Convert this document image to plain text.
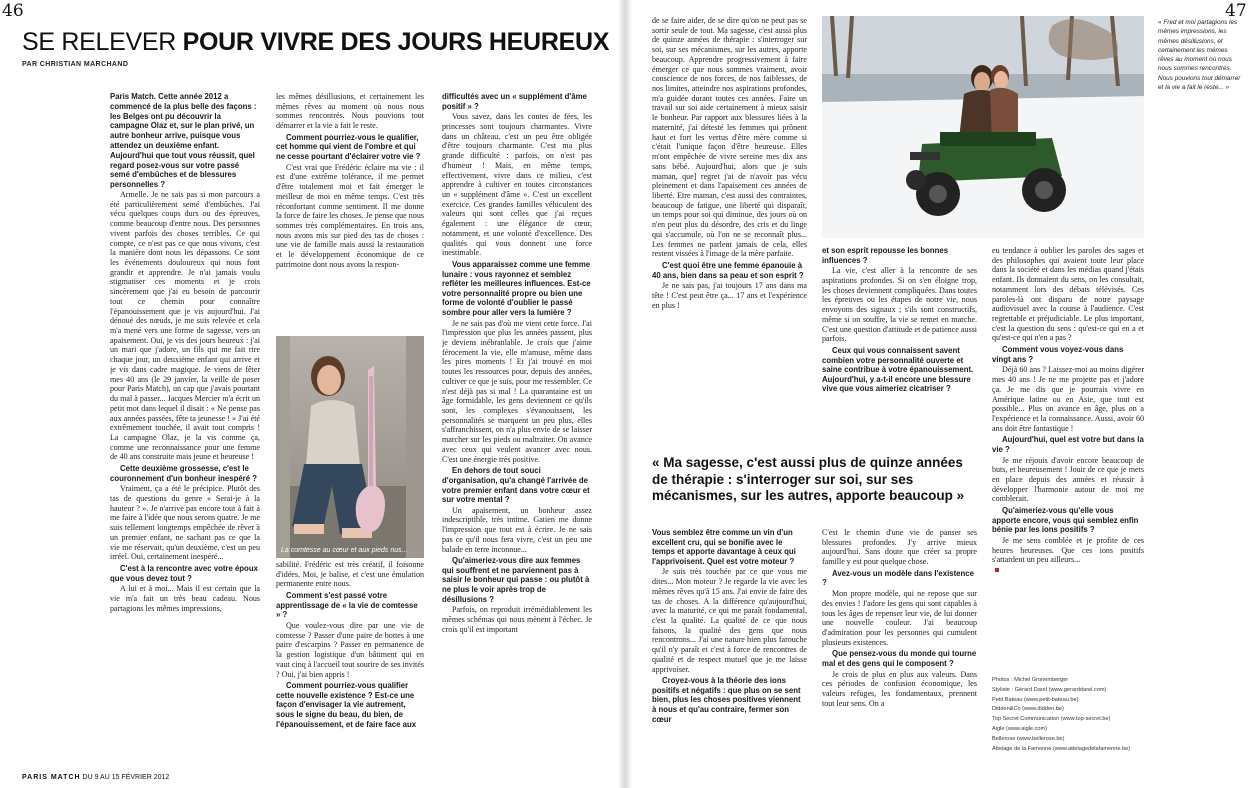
46	47
SE RELEVER POUR VIVRE DES JOURS HEUREUX
PAR CHRISTIAN MARCHAND

Paris Match. Cette année 2012 a commencé de la plus belle des façons : les Belges ont pu découvrir la campagne Olaz et, sur le plan privé, un autre bonheur arrive, puisque vous attendez un deuxième enfant. Aujourd'hui que tout vous réussit, quel regard posez-vous sur votre passé semé d'embûches et de blessures personnelles ?

Armelle. Je ne sais pas si mon parcours a été particulièrement semé d'embûches. J'ai vécu quelques coups durs ou des épreuves, comme beaucoup d'entre nous. Des personnes vivent parfois des choses terribles. Ce qui compte, ce n'est pas ce que nous vivons, c'est la manière dont nous les dépassons. Ce sont les événements douloureux qui nous font grandir et apprendre. Je n'ai jamais voulu stigmatiser ces moments et je crois sincèrement que j'ai eu besoin de parcourir tout ce chemin pour connaître l'épanouissement que je vis aujourd'hui. J'ai dénoué des nœuds, je me suis relevée et cela m'a mené vers une forme de sagesse, vers un apaisement. Oui, je vis des jours heureux : j'ai un mari que j'adore, un fils qui me fait rire chaque jour, un deuxième enfant qui arrive et je vis dans cadre magique. Je viens de fêter mes 40 ans (le 29 janvier, la veille de poser pour Paris Match), un cap que j'avais pourtant du mal à passer... Jacques Mercier m'a écrit un petit mot dans lequel il disait : « Ne pense pas aux années passées, fête ta jeunesse ! » J'ai été extrêmement touchée, il avait tout compris ! La campagne Olaz, je la vis comme ça, comme une reconnaissance pour une femme de 40 ans construite mais jeune et heureuse !

Cette deuxième grossesse, c'est le couronnement d'un bonheur inespéré ?

Vraiment, ça a été le précipice. Plutôt des tas de questions du genre « Serai-je à la hauteur ? ». Je n'arrive pas encore tout à fait à me faire à l'idée que nous serons quatre. Je me suis tellement longtemps empêchée de rêver à un premier enfant, ne sachant pas ce que la vie me réservait, qu'un deuxième, c'est un peu irréel. Oui, certainement inespéré...

C'est à la rencontre avec votre époux que vous devez tout ?

A lui et à moi... Mais il est certain que la vie m'a fait un très beau cadeau. Nous partagions les mêmes impressions,

les mêmes désillusions, et certainement les mêmes rêves au moment où nous nous sommes rencontrés. Nous pouvions tout démarrer et la vie a fait le reste.

Comment pourriez-vous le qualifier, cet homme qui vient de l'ombre et qui ne cesse pourtant d'éclairer votre vie ?

C'est vrai que Frédéric éclaire ma vie : il est d'une extrême tolérance, il me permet d'être totalement moi et fait émerger le meilleur de moi en même temps. C'est très réconfortant comme sentiment. Il me donne la force de faire les choses. Je pense que nous sommes très complémentaires. En trois ans, nous avons mis sur pied des tas de choses : une vie de famille mais aussi la restauration et le développement économique de ce patrimoine dont nous avons la respon-

La comtesse au cœur et aux pieds nus...

sabilité. Frédéric est très créatif, il foisonne d'idées. Moi, je balise, et c'est une émulation permanente entre nous.

Comment s'est passé votre apprentissage de « la vie de comtesse » ?

Que voulez-vous dire par une vie de comtesse ? Passer d'une paire de bottes à une paire d'escarpins ? Passer en permanence de la gestion logistique d'un bâtiment qui en vaut cinq à l'accueil tout sourire de ses invités ? Oui, j'ai bien appris !

Comment pourriez-vous qualifier cette nouvelle existence ? Est-ce une façon d'envisager la vie autrement, sous le signe du beau, du bien, de l'épanouissement, et de faire face aux

difficultés avec un « supplément d'âme positif » ?

Vous savez, dans les contes de fées, les princesses sont toujours charmantes. Vivre dans un château, c'est un peu être obligée d'être toujours charmante. C'est ma plus grande difficulté : parfois, on n'est pas d'humeur ! Mais, en même temps, effectivement, vivre dans ce milieu, c'est apprendre à cultiver en toutes circonstances un « supplément d'âme ». C'est un excellent exercice. Ces grandes familles véhiculent des valeurs qui sont celles que j'ai reçues également : une élégance de cœur, notamment, et une volonté d'excellence. Des qualités qui vous donnent une force inestimable.

Vous apparaissez comme une femme lunaire : vous rayonnez et semblez refléter les meilleures influences. Est-ce votre personnalité propre ou bien une forme de volonté d'oublier le passé sombre pour aller vers la lumière ?

Je ne sais pas d'où me vient cette force. J'ai l'impression que plus les années passent, plus je deviens inébranlable. Je crois que j'aime férocement la vie, elle m'amuse, même dans les pires moments ! Et j'ai trouvé en moi toutes les ressources pour, depuis des années, cultiver ce que je suis, pour me ressembler. Ce n'est déjà pas si mal ! La quarantaine est un âge formidable, les gens deviennent ce qu'ils sont, les complexes s'évanouissent, les personnalités se marquent un peu plus, elles s'affranchissent, on n'a plus envie de se laisser marcher sur les pieds ou maltraiter. On avance avec ceux qui veulent avancer avec nous. C'est une énergie très positive.

En dehors de tout souci d'organisation, qu'a changé l'arrivée de votre premier enfant dans votre cœur et sur votre mental ?

Un apaisement, un bonheur assez indescriptible, très intime. Gatien me donne l'impression que tout est à écrire. Je ne sais pas ce qu'il nous fera vivre, c'est un peu une balade en terre inconnue...

Qu'aimeriez-vous dire aux femmes qui souffrent et ne parviennent pas à saisir le bonheur qui passe : ou plutôt à ne plus le voir après trop de désillusions ?

Parfois, on reproduit irrémédiablement les mêmes schémas qui nous mènent à l'échec. Je crois qu'il est important

de se faire aider, de se dire qu'on ne peut pas se sortir seule de tout. Ma sagesse, c'est aussi plus de quinze années de thérapie : s'interroger sur soi, sur ses mécanismes, sur les autres, apporte beaucoup. Apprendre progressivement à faire émerger ce que nous sommes vraiment, avoir conscience de nos forces, de nos faiblesses, de nos limites, atteindre nos aspirations profondes, m'a guidée durant toutes ces années. Faire un travail sur soi aide certainement à mieux saisir le bonheur. Par rapport aux blessures liées à la maternité, j'ai détesté les femmes qui prônent haut et fort les vertus d'être mère comme si c'était l'unique façon d'être heureuse. Elles m'ont empêchée de vivre sereine mes dix ans sans bébé. Aujourd'hui, alors que je suis maman, que] regret j'ai de n'avoir pas vécu pleinement et dans l'apaisement ces années de liberté. Etre maman, c'est aussi des contraintes, beaucoup de fatigue, une liberté qui disparaît, un temps pour soi qui diminue, des jours où on n'en peut plus du désordre, des cris et du linge qui s'accumule, où l'on ne se reconnaît plus... Les femmes ne parlent jamais de cela, elles restent vissées à l'image de la mère parfaite.

C'est quoi être une femme épanouie à 40 ans, bien dans sa peau et son esprit ?

Je ne sais pas, j'ai toujours 17 ans dans ma tête ! C'est peut être ça... 17 ans et l'expérience en plus !

et son esprit repousse les bonnes influences ?

La vie, c'est aller à la rencontre de ses aspirations profondes. Si on s'en éloigne trop, les choses deviennent compliquées. Dans toutes les épreuves ou les étapes de notre vie, nous envoyons des signaux ; s'ils sont constructifs, même si on souffre, la vie se remet en marche. C'est une question d'attitude et de patience aussi parfois.

Ceux qui vous connaissent savent combien votre personnalité ouverte et saine contribue à votre épanouissement. Aujourd'hui, y a-t-il encore une blessure vive que vous aimeriez cicatriser ?

eu tendance à oublier les paroles des sages et des philosophes qui avaient toute leur place dans la société et dans les médias quand j'étais enfant. Ils donnaient du sens, on les consultait, notamment lors des débats télévisés. Ces paroles-là ont disparu de notre paysage audiovisuel avec la course à l'audience. C'est regrettable et préjudiciable. Le plus important, c'est la question du sens : qu'est-ce qui en a et qu'est-ce qui n'en a pas ?

Comment vous voyez-vous dans vingt ans ?

Déjà 60 ans ? Laissez-moi au moins digérer mes 40 ans ! Je ne me projette pas et j'adore ça. Je me dis que je pourrais vivre en Amérique latine ou en Asie, que tout est possible... Plus on avance en âge, plus on a l'expérience et la connaissance. Aussi, avoir 60 ans doit être fantastique !

Aujourd'hui, quel est votre but dans la vie ?

Je me réjouis d'avoir encore beaucoup de buts, et heureusement ! Jouir de ce que je mets en place depuis des années et réussir à développer l'harmonie autour de moi me comblerait.

Qu'aimeriez-vous qu'elle vous apporte encore, vous qui semblez enfin bénie par les ions positifs ?

Je me sens comblée et je profite de ces heures heureuses. Que ces ions positifs s'attardent un peu ailleurs...

« Ma sagesse, c'est aussi plus de quinze années de thérapie : s'interroger sur soi, sur ses mécanismes, sur les autres, apporte beaucoup »

Vous semblez être comme un vin d'un excellent cru, qui se bonifie avec le temps et apporte davantage à ceux qui l'apprivoisent. Quel est votre moteur ?

Je suis très touchée par ce que vous me dites... Mon moteur ? Je regarde la vie avec les mêmes rêves qu'à 15 ans. J'ai envie de faire des tas de choses. A la différence qu'aujourd'hui, avec la maturité, ce qui me paraît fondamental, c'est la qualité. La qualité de ce que nous faisons, la qualité des gens que nous rencontrons... J'ai une nature bien plus farouche qu'il n'y paraît et c'est à force de rencontres de qualité et de respect mutuel que je me laisse apprivoiser.

Croyez-vous à la théorie des ions positifs et négatifs : que plus on se sent bien, plus les choses positives viennent à nous et qu'au contraire, fermer son cœur

C'est le chemin d'une vie de panser ses blessures profondes. J'y arrive mieux aujourd'hui. Sans doute que créer sa propre famille y est pour quelque chose.

Avez-vous un modèle dans l'existence ?

Mon propre modèle, qui ne repose que sur des envies ! J'adore les gens qui sont capables à tous les âges de repenser leur vie, de lui donner une nouvelle couleur. J'ai beaucoup d'admiration pour les personnes qui cumulent plusieurs existences.

Que pensez-vous du monde qui tourne mal et des gens qui le composent ?

Je crois de plus en plus aux valeurs. Dans ces périodes de confusion économique, les valeurs refuges, les fondamentaux, prennent tout leur sens. On a

« Fred et moi partagions les mêmes impressions, les mêmes désillusions, et certainement les mêmes rêves au moment où nous nous sommes rencontrés. Nous pouvions tout démarrer et la vie a fait le reste... »
Photos : Michel Gronemberger
Styliste : Gérard Darel (www.gerarddarel.com)
Petit Bateau (www.petit-bateau.be)
Didden&Co (www.didden.be)
Top Secret Communication (www.top-secret.be)
Aigle (www.aigle.com)
Bellerose (www.bellerose.be)
Attelage de la Famenne (www.attelagedelafamenne.be)
PARIS MATCH DU 9 AU 15 FÉVRIER 2012
